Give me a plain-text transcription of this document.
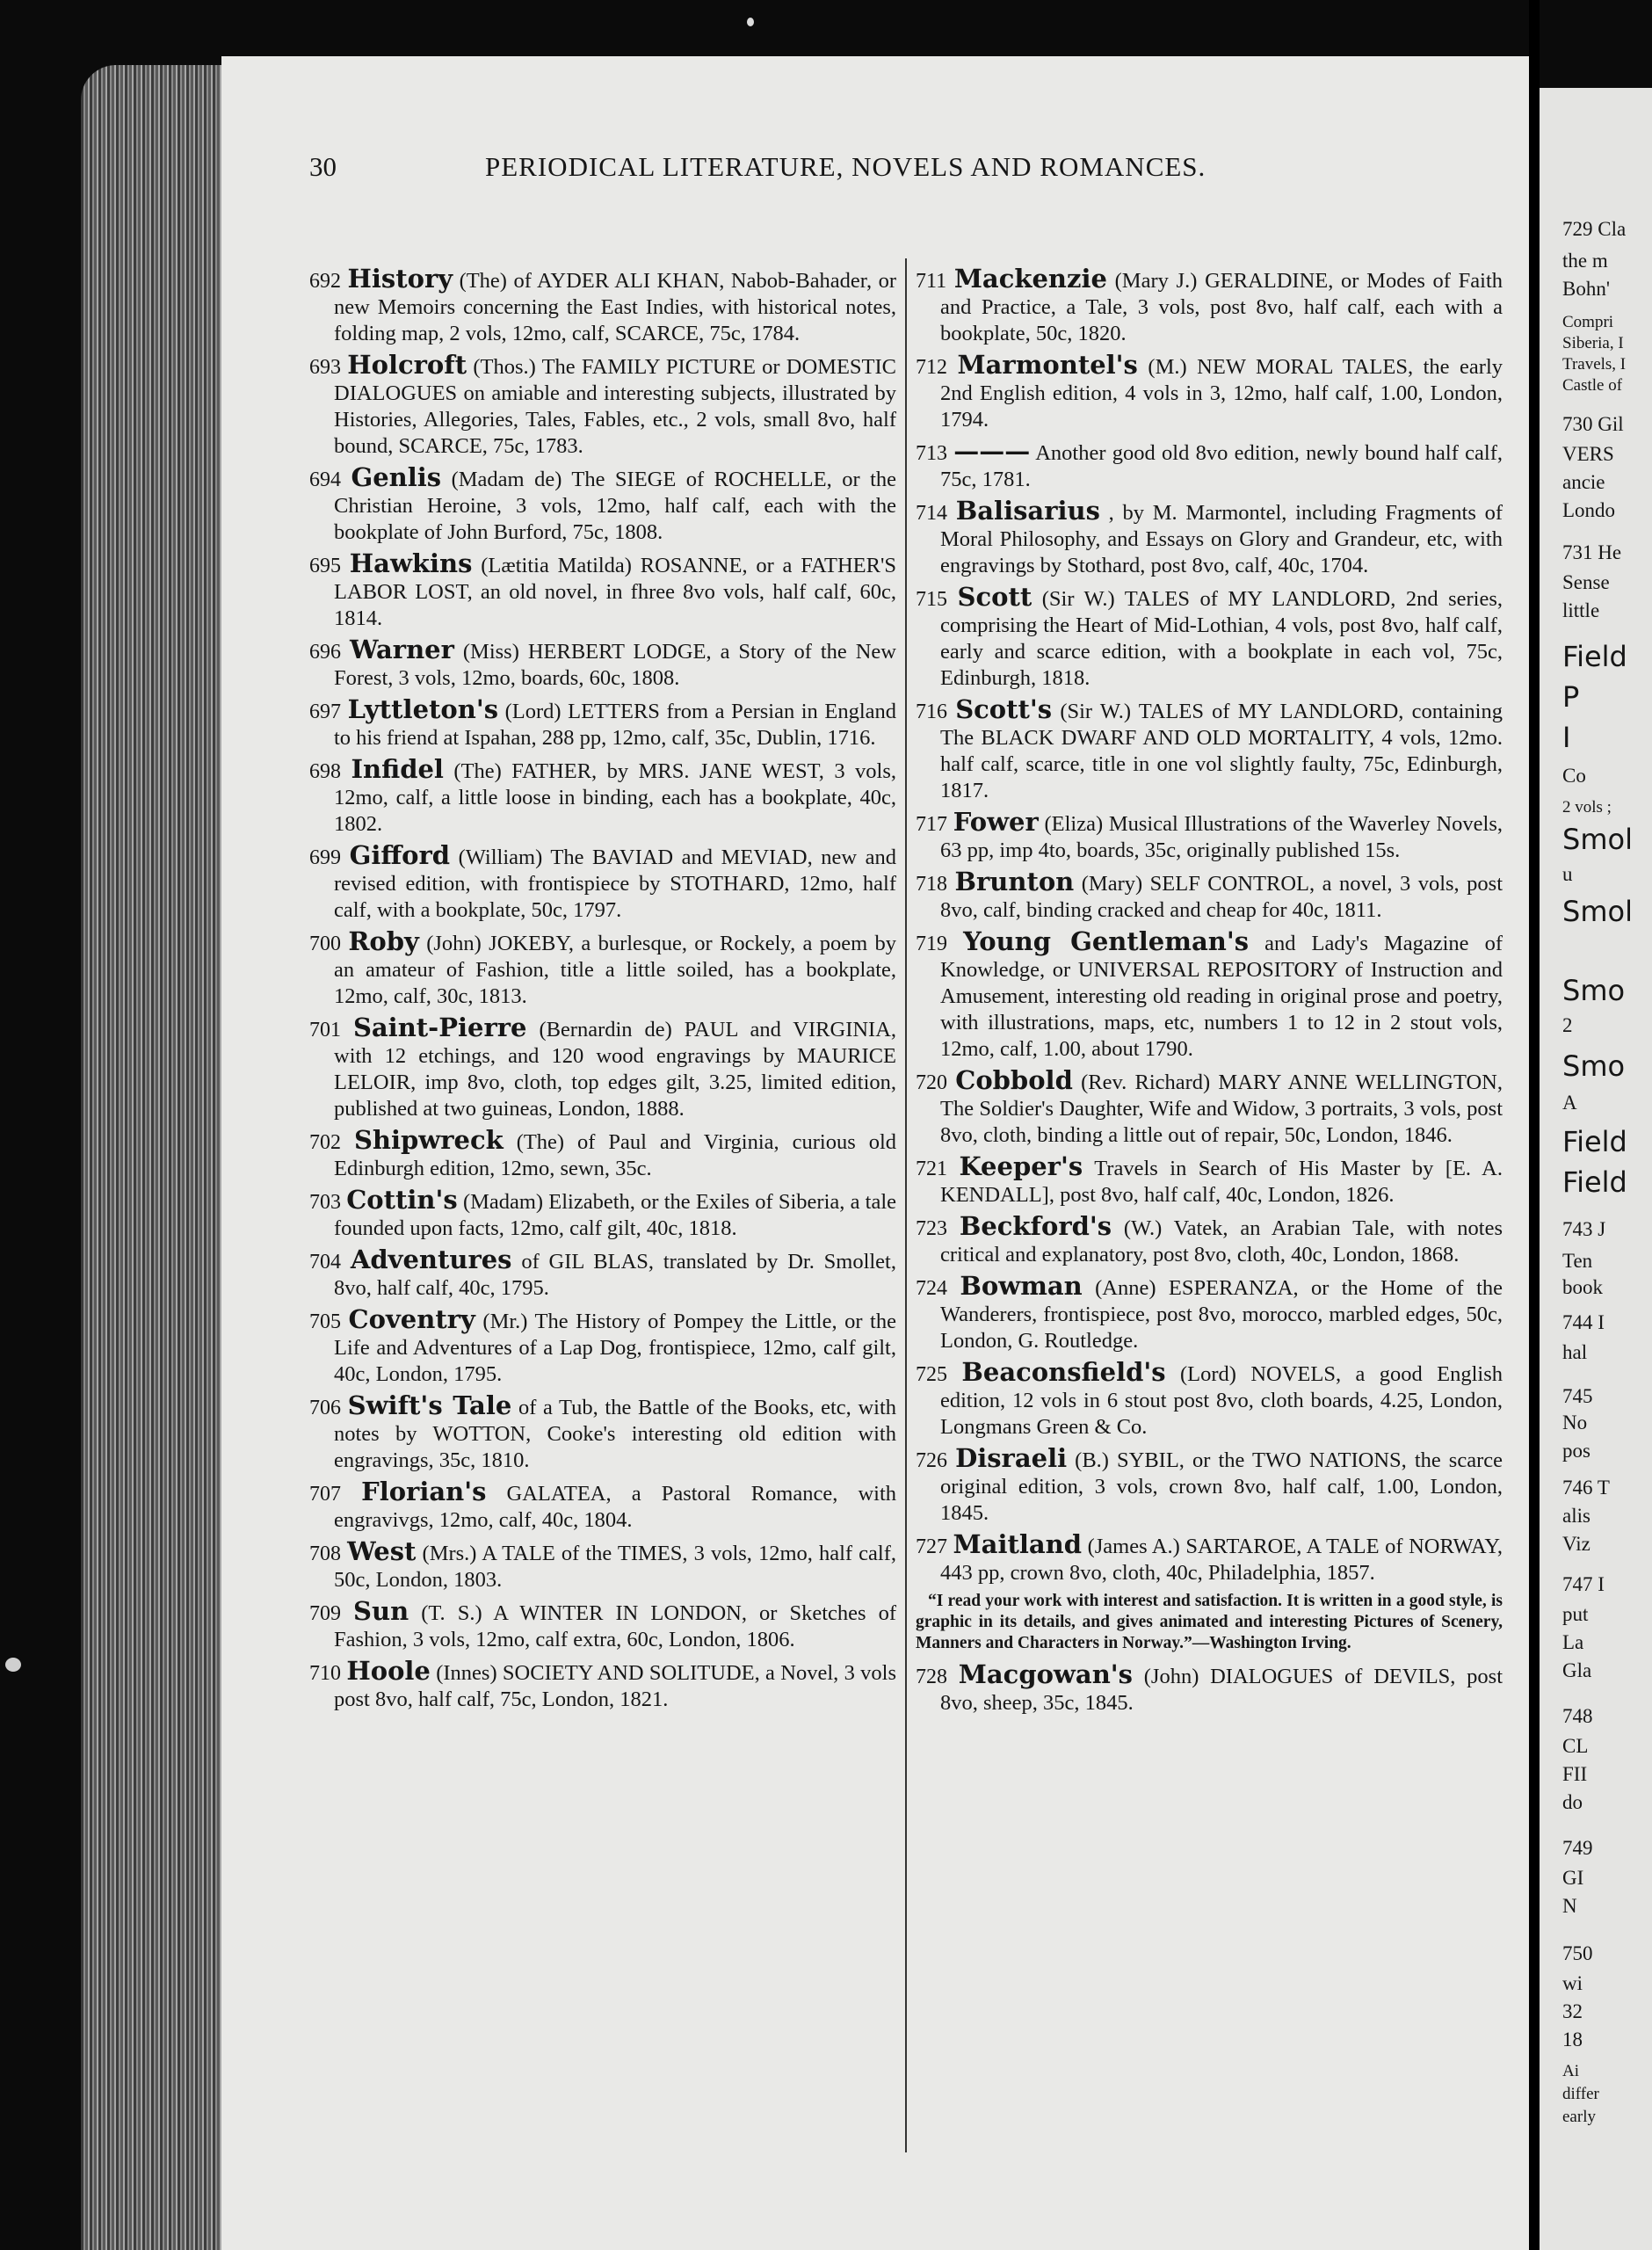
30	PERIODICAL LITERATURE, NOVELS AND ROMANCES.
692 History (The) of AYDER ALI KHAN, Nabob-Bahader, or new Memoirs concerning the East Indies, with historical notes, folding map, 2 vols, 12mo, calf, SCARCE, 75c, 1784.
693 Holcroft (Thos.) The FAMILY PICTURE or DOMESTIC DIALOGUES on amiable and interesting subjects, illustrated by Histories, Allegories, Tales, Fables, etc., 2 vols, small 8vo, half bound, SCARCE, 75c, 1783.
694 Genlis (Madam de) The SIEGE of ROCHELLE, or the Christian Heroine, 3 vols, 12mo, half calf, each with the bookplate of John Burford, 75c, 1808.
695 Hawkins (Lætitia Matilda) ROSANNE, or a FATHER'S LABOR LOST, an old novel, in fhree 8vo vols, half calf, 60c, 1814.
696 Warner (Miss) HERBERT LODGE, a Story of the New Forest, 3 vols, 12mo, boards, 60c, 1808.
697 Lyttleton's (Lord) LETTERS from a Persian in England to his friend at Ispahan, 288 pp, 12mo, calf, 35c, Dublin, 1716.
698 Infidel (The) FATHER, by MRS. JANE WEST, 3 vols, 12mo, calf, a little loose in binding, each has a bookplate, 40c, 1802.
699 Gifford (William) The BAVIAD and MEVIAD, new and revised edition, with frontispiece by STOTHARD, 12mo, half calf, with a bookplate, 50c, 1797.
700 Roby (John) JOKEBY, a burlesque, or Rockely, a poem by an amateur of Fashion, title a little soiled, has a bookplate, 12mo, calf, 30c, 1813.
701 Saint-Pierre (Bernardin de) PAUL and VIRGINIA, with 12 etchings, and 120 wood engravings by MAURICE LELOIR, imp 8vo, cloth, top edges gilt, 3.25, limited edition, published at two guineas, London, 1888.
702 Shipwreck (The) of Paul and Virginia, curious old Edinburgh edition, 12mo, sewn, 35c.
703 Cottin's (Madam) Elizabeth, or the Exiles of Siberia, a tale founded upon facts, 12mo, calf gilt, 40c, 1818.
704 Adventures of GIL BLAS, translated by Dr. Smollet, 8vo, half calf, 40c, 1795.
705 Coventry (Mr.) The History of Pompey the Little, or the Life and Adventures of a Lap Dog, frontispiece, 12mo, calf gilt, 40c, London, 1795.
706 Swift's Tale of a Tub, the Battle of the Books, etc, with notes by WOTTON, Cooke's interesting old edition with engravings, 35c, 1810.
707 Florian's GALATEA, a Pastoral Romance, with engravivgs, 12mo, calf, 40c, 1804.
708 West (Mrs.) A TALE of the TIMES, 3 vols, 12mo, half calf, 50c, London, 1803.
709 Sun (T. S.) A WINTER IN LONDON, or Sketches of Fashion, 3 vols, 12mo, calf extra, 60c, London, 1806.
710 Hoole (Innes) SOCIETY AND SOLITUDE, a Novel, 3 vols post 8vo, half calf, 75c, London, 1821.
711 Mackenzie (Mary J.) GERALDINE, or Modes of Faith and Practice, a Tale, 3 vols, post 8vo, half calf, each with a bookplate, 50c, 1820.
712 Marmontel's (M.) NEW MORAL TALES, the early 2nd English edition, 4 vols in 3, 12mo, half calf, 1.00, London, 1794.
713 ——— Another good old 8vo edition, newly bound half calf, 75c, 1781.
714 Balisarius , by M. Marmontel, including Fragments of Moral Philosophy, and Essays on Glory and Grandeur, etc, with engravings by Stothard, post 8vo, calf, 40c, 1704.
715 Scott (Sir W.) TALES of MY LANDLORD, 2nd series, comprising the Heart of Mid-Lothian, 4 vols, post 8vo, half calf, early and scarce edition, with a bookplate in each vol, 75c, Edinburgh, 1818.
716 Scott's (Sir W.) TALES of MY LANDLORD, containing The BLACK DWARF AND OLD MORTALITY, 4 vols, 12mo. half calf, scarce, title in one vol slightly faulty, 75c, Edinburgh, 1817.
717 Fower (Eliza) Musical Illustrations of the Waverley Novels, 63 pp, imp 4to, boards, 35c, originally published 15s.
718 Brunton (Mary) SELF CONTROL, a novel, 3 vols, post 8vo, calf, binding cracked and cheap for 40c, 1811.
719 Young Gentleman's and Lady's Magazine of Knowledge, or UNIVERSAL REPOSITORY of Instruction and Amusement, interesting old reading in original prose and poetry, with illustrations, maps, etc, numbers 1 to 12 in 2 stout vols, 12mo, calf, 1.00, about 1790.
720 Cobbold (Rev. Richard) MARY ANNE WELLINGTON, The Soldier's Daughter, Wife and Widow, 3 portraits, 3 vols, post 8vo, cloth, binding a little out of repair, 50c, London, 1846.
721 Keeper's Travels in Search of His Master by [E. A. KENDALL], post 8vo, half calf, 40c, London, 1826.
723 Beckford's (W.) Vatek, an Arabian Tale, with notes critical and explanatory, post 8vo, cloth, 40c, London, 1868.
724 Bowman (Anne) ESPERANZA, or the Home of the Wanderers, frontispiece, post 8vo, morocco, marbled edges, 50c, London, G. Routledge.
725 Beaconsfield's (Lord) NOVELS, a good English edition, 12 vols in 6 stout post 8vo, cloth boards, 4.25, London, Longmans Green & Co.
726 Disraeli (B.) SYBIL, or the TWO NATIONS, the scarce original edition, 3 vols, crown 8vo, half calf, 1.00, London, 1845.
727 Maitland (James A.) SARTAROE, A TALE of NORWAY, 443 pp, crown 8vo, cloth, 40c, Philadelphia, 1857.
“I read your work with interest and satisfaction. It is written in a good style, is graphic in its details, and gives animated and interesting Pictures of Scenery, Manners and Characters in Norway.”—Washington Irving.
728 Macgowan's (John) DIALOGUES of DEVILS, post 8vo, sheep, 35c, 1845.
729 Cla
the m
Bohn'
Compri
Siberia, I
Travels, I
Castle of
730 Gil
VERS
ancie
Londo
731 He
Sense
little
Field
P
I
Co
2 vols ;
Smol
u
Smol
Smo
2
Smo
A
Field
Field
743 J
Ten
book
744 I
hal
745
No
pos
746 T
alis
Viz
747 I
put
La
Gla
748
CL
FII
do
749
GI
N
750
wi
32
18
Ai
differ
early
